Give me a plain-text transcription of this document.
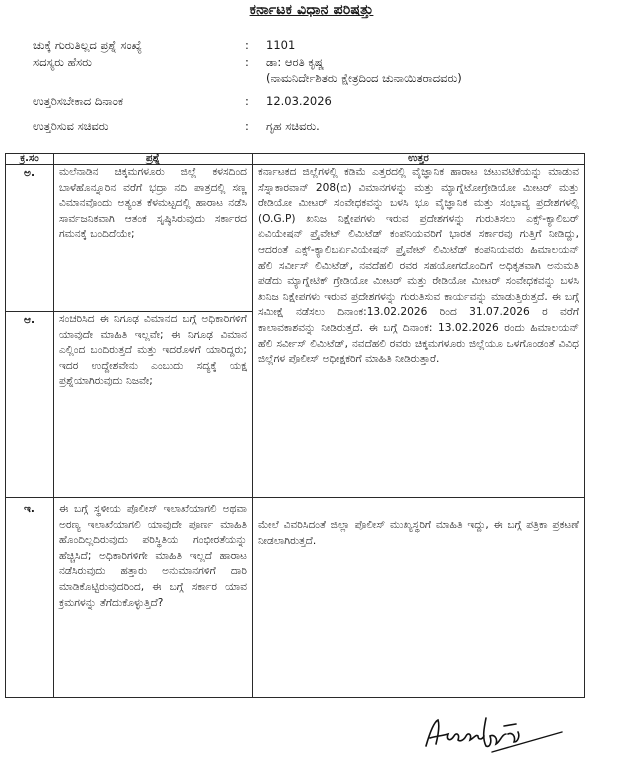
ಕರ್ನಾಟಕ ವಿಧಾನ ಪರಿಷತ್ತು
ಚುಕ್ಕೆ ಗುರುತಿಲ್ಲದ ಪ್ರಶ್ನೆ ಸಂಖ್ಯೆ	: 1101
ಸದಸ್ಯರು ಹೆಸರು	: ಡಾ: ಆರತಿ ಕೃಷ್ಣ
(ನಾಮನಿರ್ದೇಶಿತರು ಕ್ಷೇತ್ರದಿಂದ ಚುನಾಯಿತರಾದವರು)
ಉತ್ತರಿಸಬೇಕಾದ ದಿನಾಂಕ	: 12.03.2026
ಉತ್ತರಿಸುವ ಸಚಿವರು	: ಗೃಹ ಸಚಿವರು.
ಕ್ರ.ಸಂ	ಪ್ರಶ್ನೆ	ಉತ್ತರ
ಅ.	ಮಲೆನಾಡಿನ ಚಿಕ್ಕಮಗಳೂರು ಜಿಲ್ಲೆ ಕಳಸದಿಂದ ಬಾಳೆಹೊನ್ನೂರಿನ ವರೆಗೆ ಭದ್ರಾ ನದಿ ಪಾತ್ರದಲ್ಲಿ ಸಣ್ಣ ವಿಮಾನವೊಂದು ಅತ್ಯಂತ ಕೆಳಮಟ್ಟದಲ್ಲಿ ಹಾರಾಟ ನಡೆಸಿ ಸಾರ್ವಜನಿಕವಾಗಿ ಆತಂಕ ಸೃಷ್ಠಿಸಿರುವುದು ಸರ್ಕಾರದ ಗಮನಕ್ಕೆ ಬಂದಿದೆಯೇ;	ಕರ್ನಾಟಕದ ಜಿಲ್ಲೆಗಳಲ್ಲಿ ಕಡಿಮೆ ಎತ್ತರದಲ್ಲಿ ವೈಜ್ಞಾನಿಕ ಹಾರಾಟ ಚಟುವಟಿಕೆಯನ್ನು ಮಾಡುವ ಸೆಸ್ನಾಕಾರವಾನ್ 208(ಬಿ) ವಿಮಾನಗಳನ್ನು ಮತ್ತು ಮ್ಯಾಗ್ನೆಟೋಗ್ರೇಡಿಯೋ ಮೀಟರ್ ಮತ್ತು ರೇಡಿಯೋ ಮೀಟರ್ ಸಂವೇಧಕವನ್ನು ಬಳಸಿ ಭೂ ವೈಜ್ಞಾನಿಕ ಮತ್ತು ಸಂಭಾವ್ಯ ಪ್ರದೇಶಗಳಲ್ಲಿ (O.G.P) ಖನಿಜ ನಿಕ್ಷೇಪಗಳು ಇರುವ ಪ್ರದೇಶಗಳನ್ನು ಗುರುತಿಸಲು ಎಕ್ಸ್-ಕ್ಯಾಲಿಬರ್ ಏವಿಯೇಷನ್ ಪ್ರೈವೇಟ್ ಲಿಮಿಟೆಡ್ ಕಂಪನಿಯವರಿಗೆ ಭಾರತ ಸರ್ಕಾರವು ಗುತ್ತಿಗೆ ನೀಡಿದ್ದು, ಆದರಂತೆ ಎಕ್ಸ್-ಕ್ಯಾಲಿಬರ್ಏವಿಯೇಷನ್ ಪ್ರೈವೇಟ್ ಲಿಮಿಟೆಡ್ ಕಂಪನಿಯವರು ಹಿಮಾಲಯನ್ ಹೆಲಿ ಸರ್ವೀಸ್ ಲಿಮಿಟೆಡ್, ನವದೆಹಲಿ ರವರ ಸಹಯೋಗದೊಂದಿಗೆ ಅಧಿಕೃತವಾಗಿ ಅನುಮತಿ ಪಡೆದು ಮ್ಯಾಗ್ನೇಟಿಕ್ ಗ್ರೇಡಿಯೋ ಮೀಟರ್ ಮತ್ತು ರೇಡಿಯೋ ಮೀಟರ್ ಸಂವೇಧಕವನ್ನು ಬಳಸಿ ಖನಿಜ ನಿಕ್ಷೇಪಗಳು ಇರುವ ಪ್ರದೇಶಗಳನ್ನು ಗುರುತಿಸುವ ಕಾರ್ಯವನ್ನು ಮಾಡುತ್ತಿರುತ್ತದೆ. ಈ ಬಗ್ಗೆ ಸಮೀಕ್ಷೆ ನಡೆಸಲು ದಿನಾಂಕ:13.02.2026 ರಿಂದ 31.07.2026 ರ ವರೆಗೆ ಕಾಲಾವಕಾಶವನ್ನು ನೀಡಿರುತ್ತದೆ. ಈ ಬಗ್ಗೆ ದಿನಾಂಕ: 13.02.2026 ರಂದು ಹಿಮಾಲಯನ್ ಹೆಲಿ ಸರ್ವೀಸ್ ಲಿಮಿಟೆಡ್, ನವದೆಹಲಿ ರವರು ಚಿಕ್ಕಮಗಳೂರು ಜಿಲ್ಲೆಯೂ ಒಳಗೊಂಡಂತೆ ವಿವಿಧ ಜಿಲ್ಲೆಗಳ ಪೊಲೀಸ್ ಅಧೀಕ್ಷಕರಿಗೆ ಮಾಹಿತಿ ನೀಡಿರುತ್ತಾರೆ.
ಆ.	ಸಂಚರಿಸಿದ ಈ ನಿಗೂಢ ವಿಮಾನದ ಬಗ್ಗೆ ಅಧಿಕಾರಿಗಳಿಗೆ ಯಾವುದೇ ಮಾಹಿತಿ ಇಲ್ಲವೇ; ಈ ನಿಗೂಢ ವಿಮಾನ ಎಲ್ಲಿಂದ ಬಂದಿರುತ್ತದೆ ಮತ್ತು ಇದರೊಳಗೆ ಯಾರಿದ್ದರು; ಇದರ ಉದ್ದೇಶವೇನು ಎಂಬುದು ಸದ್ಯಕ್ಕೆ ಯಕ್ಷ ಪ್ರಶ್ನೆಯಾಗಿರುವುದು ನಿಜವೇ;	
ಇ.	ಈ ಬಗ್ಗೆ ಸ್ಥಳೀಯ ಪೊಲೀಸ್ ಇಲಾಖೆಯಾಗಲಿ ಅಥವಾ ಅರಣ್ಯ ಇಲಾಖೆಯಾಗಲಿ ಯಾವುದೇ ಪೂರ್ಣ ಮಾಹಿತಿ ಹೊಂದಿಲ್ಲದಿರುವುದು ಪರಿಸ್ಥಿತಿಯ ಗಂಭೀರತೆಯನ್ನು ಹೆಚ್ಚಿಸಿದೆ; ಅಧಿಕಾರಿಗಳಿಗೇ ಮಾಹಿತಿ ಇಲ್ಲದೆ ಹಾರಾಟ ನಡೆಸಿರುವುದು ಹತ್ತಾರು ಅನುಮಾನಗಳಿಗೆ ದಾರಿ ಮಾಡಿಕೊಟ್ಟಿರುವುದರಿಂದ, ಈ ಬಗ್ಗೆ ಸರ್ಕಾರ ಯಾವ ಕ್ರಮಗಳನ್ನು ತೆಗೆದುಕೊಳ್ಳುತ್ತಿದೆ?	ಮೇಲೆ ವಿವರಿಸಿದಂತೆ ಜಿಲ್ಲಾ ಪೊಲೀಸ್ ಮುಖ್ಯಸ್ಥರಿಗೆ ಮಾಹಿತಿ ಇದ್ದು, ಈ ಬಗ್ಗೆ ಪತ್ರಿಕಾ ಪ್ರಕಟಣೆ ನೀಡಲಾಗಿರುತ್ತದೆ.
